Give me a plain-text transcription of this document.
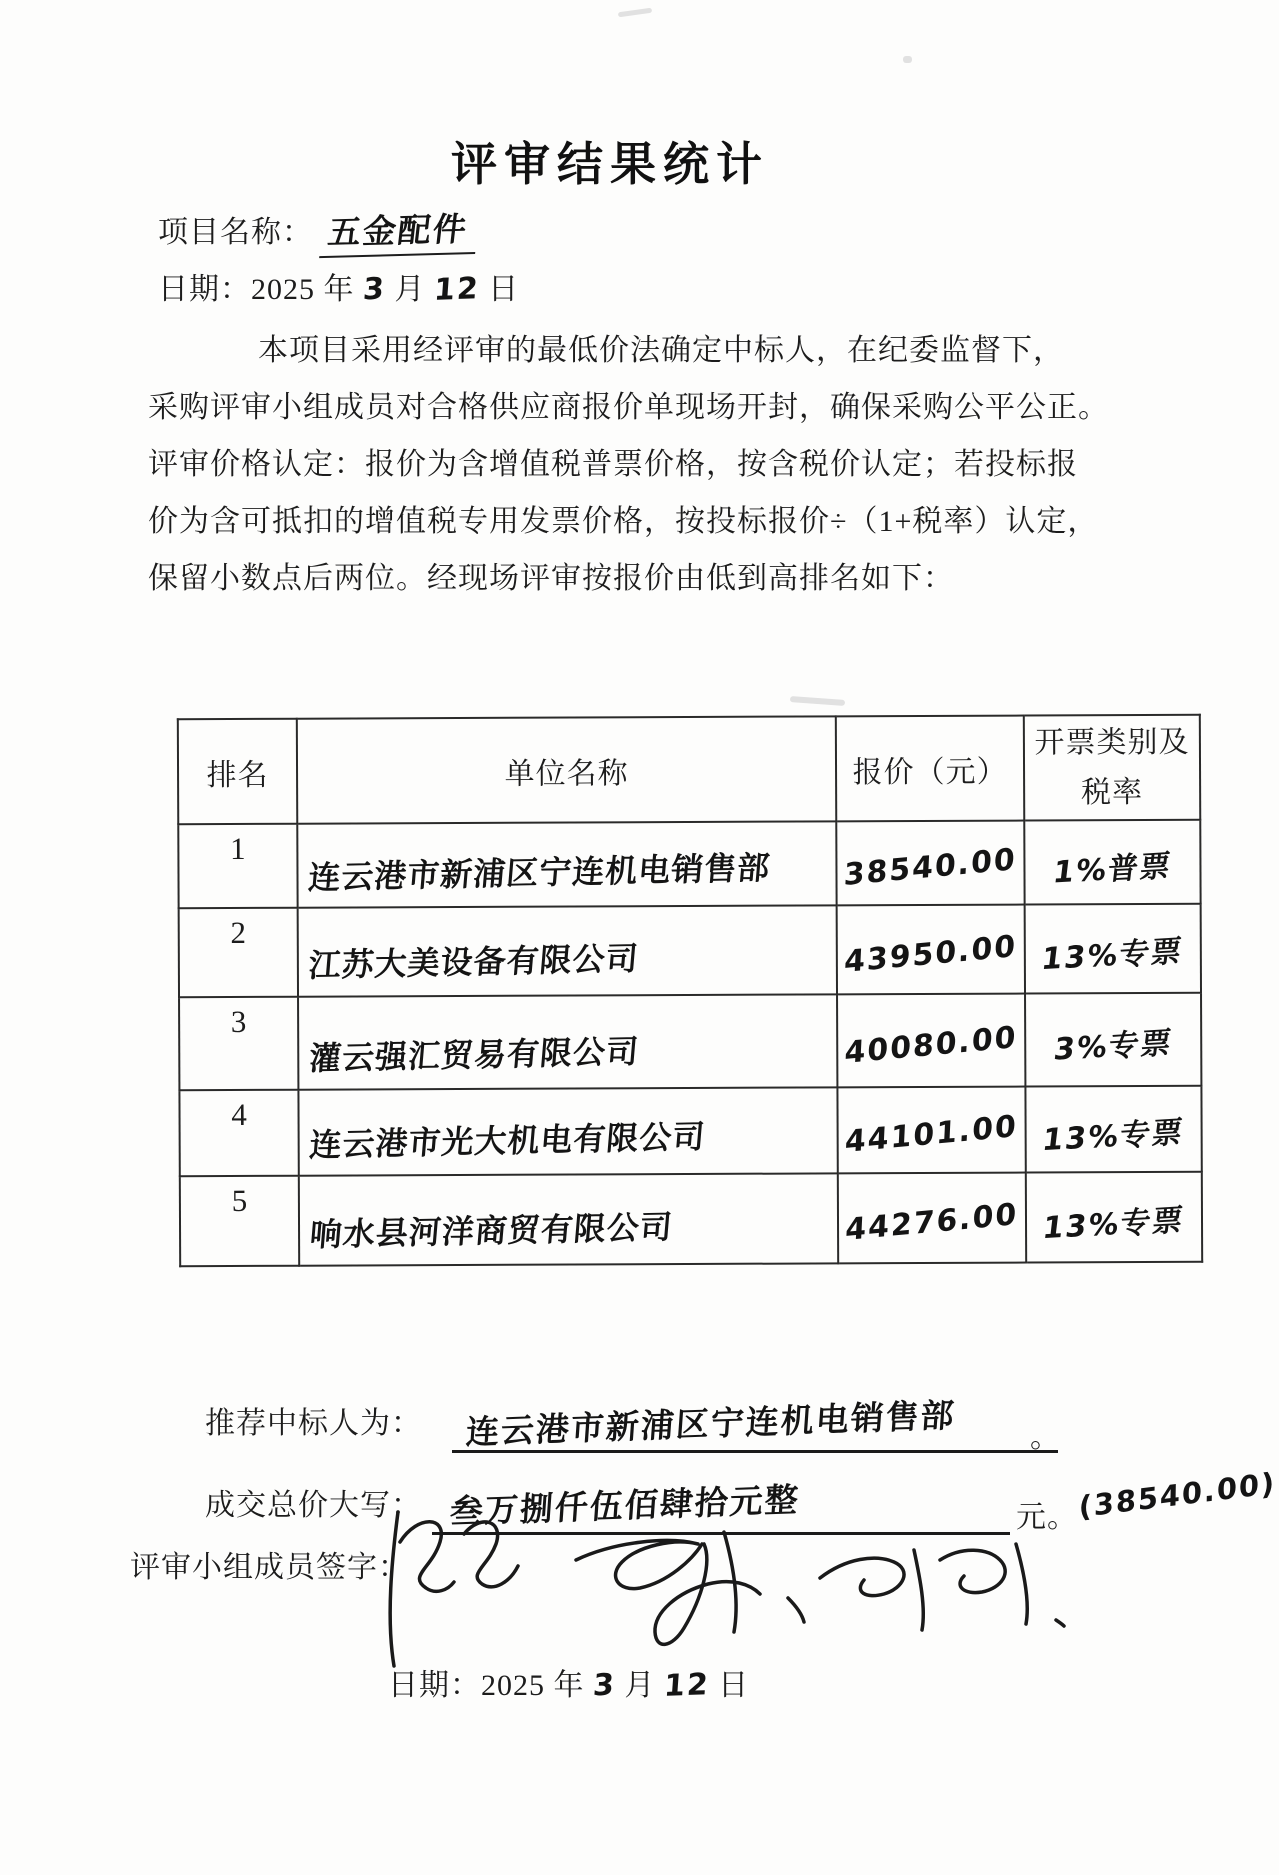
评审结果统计
项目名称： 五金配件
日期：2025 年 3 月 12 日
本项目采用经评审的最低价法确定中标人，在纪委监督下，
采购评审小组成员对合格供应商报价单现场开封，确保采购公平公正。
评审价格认定：报价为含增值税普票价格，按含税价认定；若投标报
价为含可抵扣的增值税专用发票价格，按投标报价÷（1+税率）认定，
保留小数点后两位。经现场评审按报价由低到高排名如下：
排名	单位名称	报价（元）	开票类别及
税率

1	连云港市新浦区宁连机电销售部	38540.00	1%普票
2	江苏大美设备有限公司	43950.00	13%专票
3	灌云强汇贸易有限公司	40080.00	3%专票
4	连云港市光大机电有限公司	44101.00	13%专票
5	响水县河洋商贸有限公司	44276.00	13%专票
推荐中标人为：	连云港市新浦区宁连机电销售部	。
成交总价大写： 叁万捌仟伍佰肆拾元整	元。 (38540.00)
评审小组成员签字：
日期：2025 年 3 月 12 日
